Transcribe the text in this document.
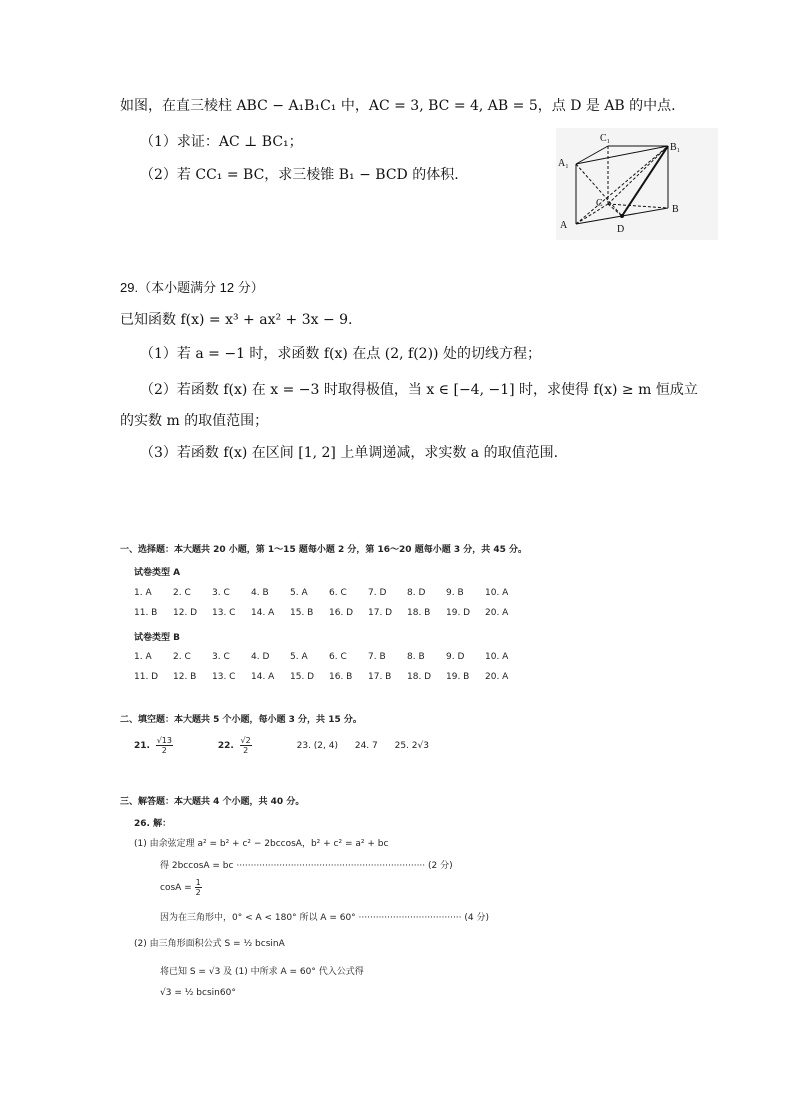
如图，在直三棱柱 ABC − A₁B₁C₁ 中，AC = 3, BC = 4, AB = 5，点 D 是 AB 的中点.
（1）求证：AC ⊥ BC₁；
（2）若 CC₁ = BC，求三棱锥 B₁ − BCD 的体积.
A₁
C₁
B₁
C
B
A	D
29.（本小题满分 12 分）
已知函数 f(x) = x³ + ax² + 3x − 9.
（1）若 a = −1 时，求函数 f(x) 在点 (2, f(2)) 处的切线方程；
（2）若函数 f(x) 在 x = −3 时取得极值，当 x ∈ [−4, −1] 时，求使得 f(x) ≥ m 恒成立
的实数 m 的取值范围；
（3）若函数 f(x) 在区间 [1, 2] 上单调递减，求实数 a 的取值范围.
一、选择题：本大题共 20 小题，第 1～15 题每小题 2 分，第 16～20 题每小题 3 分，共 45 分。
试卷类型 A
1. A 2. C 3. C 4. B 5. A 6. C 7. D 8. D 9. B 10. A
11. B 12. D 13. C 14. A 15. B 16. D 17. D 18. B 19. D 20. A
试卷类型 B
1. A 2. C 3. C 4. D 5. A 6. C 7. B 8. B 9. D 10. A
11. D 12. B 13. C 14. A 15. D 16. B 17. B 18. D 19. B 20. A
二、填空题：本大题共 5 个小题，每小题 3 分，共 15 分。
21. $\frac{√13}{2}$	22. $\frac{√2}{2}$	23. (2, 4) 24. 7 25. 2√3
三、解答题：本大题共 4 个小题，共 40 分。
26. 解：
(1) 由余弦定理 a² = b² + c² − 2bccosA，b² + c² = a² + bc
得 2bccosA = bc ·································································· (2 分)
$\cos A = \frac{1}{2}$
因为在三角形中，0° < A < 180° 所以 A = 60° ···································· (4 分)
(2) 由三角形面积公式 S = ½ bcsinA
将已知 S = √3 及 (1) 中所求 A = 60° 代入公式得
√3 = ½ bcsin60°
